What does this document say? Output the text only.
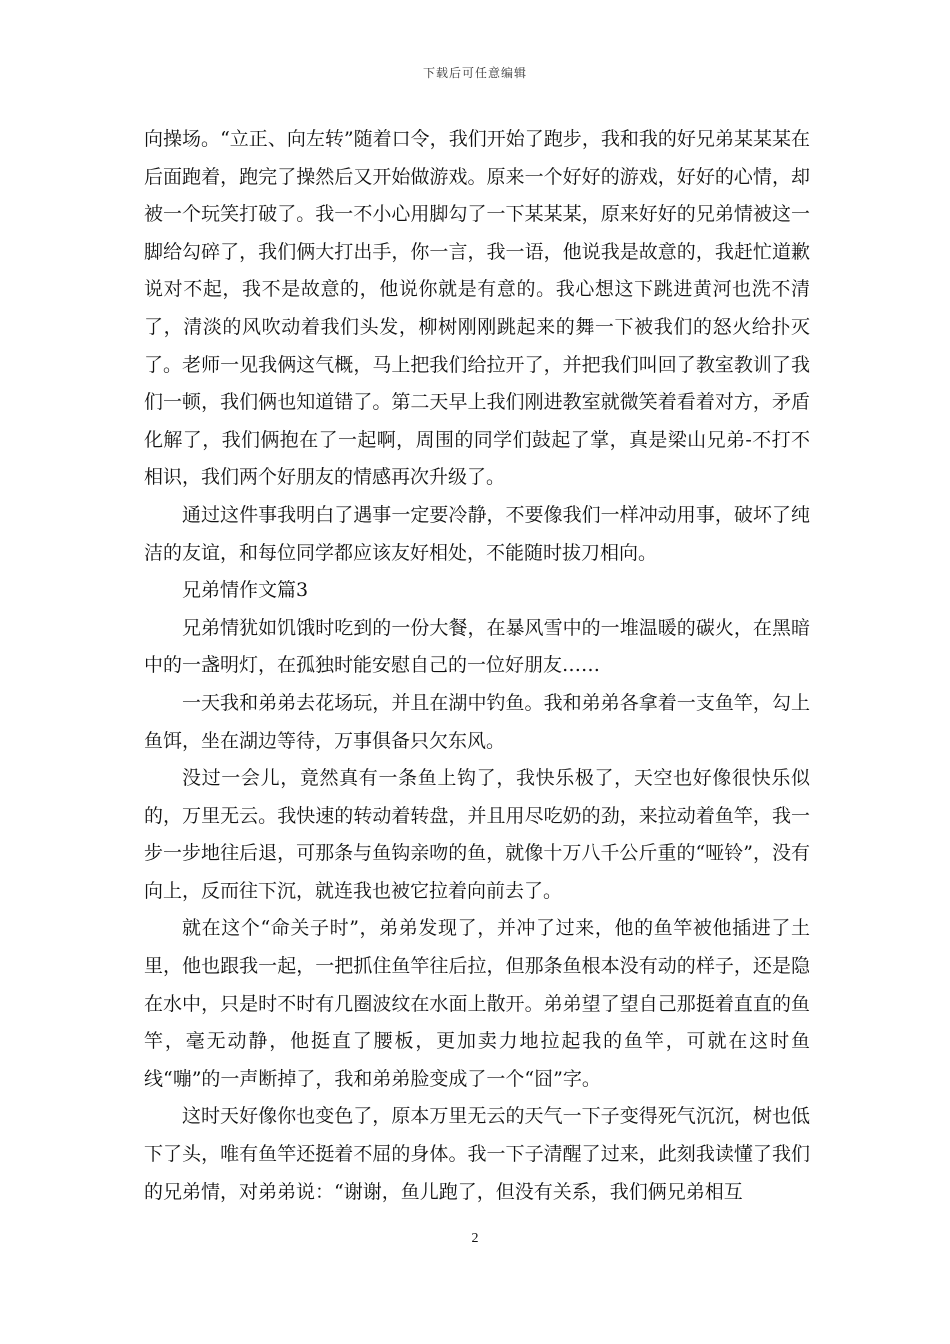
下载后可任意编辑

向操场。“立正、向左转”随着口令，我们开始了跑步，我和我的好兄弟某某某在后面跑着，跑完了操然后又开始做游戏。原来一个好好的游戏，好好的心情，却被一个玩笑打破了。我一不小心用脚勾了一下某某某，原来好好的兄弟情被这一脚给勾碎了，我们俩大打出手，你一言，我一语，他说我是故意的，我赶忙道歉说对不起，我不是故意的，他说你就是有意的。我心想这下跳进黄河也洗不清了，清淡的风吹动着我们头发，柳树刚刚跳起来的舞一下被我们的怒火给扑灭了。老师一见我俩这气概，马上把我们给拉开了，并把我们叫回了教室教训了我们一顿，我们俩也知道错了。第二天早上我们刚进教室就微笑着看着对方，矛盾化解了，我们俩抱在了一起啊，周围的同学们鼓起了掌，真是梁山兄弟-不打不相识，我们两个好朋友的情感再次升级了。

通过这件事我明白了遇事一定要冷静，不要像我们一样冲动用事，破坏了纯洁的友谊，和每位同学都应该友好相处，不能随时拔刀相向。

兄弟情作文篇3

兄弟情犹如饥饿时吃到的一份大餐，在暴风雪中的一堆温暖的碳火，在黑暗中的一盏明灯，在孤独时能安慰自己的一位好朋友……

一天我和弟弟去花场玩，并且在湖中钓鱼。我和弟弟各拿着一支鱼竿，勾上鱼饵，坐在湖边等待，万事俱备只欠东风。

没过一会儿，竟然真有一条鱼上钩了，我快乐极了，天空也好像很快乐似的，万里无云。我快速的转动着转盘，并且用尽吃奶的劲，来拉动着鱼竿，我一步一步地往后退，可那条与鱼钩亲吻的鱼，就像十万八千公斤重的“哑铃”，没有向上，反而往下沉，就连我也被它拉着向前去了。

就在这个“命关子时”，弟弟发现了，并冲了过来，他的鱼竿被他插进了土里，他也跟我一起，一把抓住鱼竿往后拉，但那条鱼根本没有动的样子，还是隐在水中，只是时不时有几圈波纹在水面上散开。弟弟望了望自己那挺着直直的鱼竿，毫无动静，他挺直了腰板，更加卖力地拉起我的鱼竿，可就在这时鱼线“嘣”的一声断掉了，我和弟弟脸变成了一个“囧”字。

这时天好像你也变色了，原本万里无云的天气一下子变得死气沉沉，树也低下了头，唯有鱼竿还挺着不屈的身体。我一下子清醒了过来，此刻我读懂了我们的兄弟情，对弟弟说：“谢谢，鱼儿跑了，但没有关系，我们俩兄弟相互

2
